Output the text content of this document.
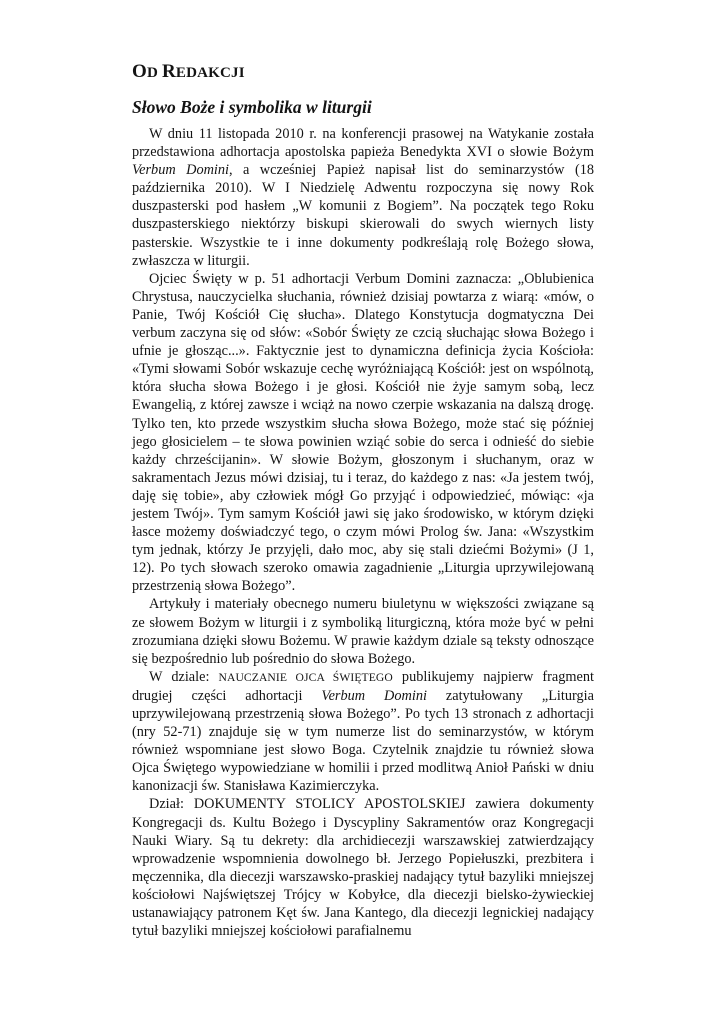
OD REDAKCJI
Słowo Boże i symbolika w liturgii

W dniu 11 listopada 2010 r. na konferencji prasowej na Watykanie została przedstawiona adhortacja apostolska papieża Benedykta XVI o słowie Bożym Verbum Domini, a wcześniej Papież napisał list do seminarzystów (18 października 2010). W I Niedzielę Adwentu rozpoczyna się nowy Rok duszpasterski pod hasłem „W komunii z Bogiem”. Na początek tego Roku duszpasterskiego niektórzy biskupi skierowali do swych wiernych listy pasterskie. Wszystkie te i inne dokumenty podkreślają rolę Bożego słowa, zwłaszcza w liturgii.

Ojciec Święty w p. 51 adhortacji Verbum Domini zaznacza: „Oblubienica Chrystusa, nauczycielka słuchania, również dzisiaj powtarza z wiarą: «mów, o Panie, Twój Kościół Cię słucha». Dlatego Konstytucja dogmatyczna Dei verbum zaczyna się od słów: «Sobór Święty ze czcią słuchając słowa Bożego i ufnie je głosząc...». Faktycznie jest to dynamiczna definicja życia Kościoła: «Tymi słowami Sobór wskazuje cechę wyróżniającą Kościół: jest on wspólnotą, która słucha słowa Bożego i je głosi. Kościół nie żyje samym sobą, lecz Ewangelią, z której zawsze i wciąż na nowo czerpie wskazania na dalszą drogę. Tylko ten, kto przede wszystkim słucha słowa Bożego, może stać się później jego głosicielem – te słowa powinien wziąć sobie do serca i odnieść do siebie każdy chrześcijanin». W słowie Bożym, głoszonym i słuchanym, oraz w sakramentach Jezus mówi dzisiaj, tu i teraz, do każdego z nas: «Ja jestem twój, daję się tobie», aby człowiek mógł Go przyjąć i odpowiedzieć, mówiąc: «ja jestem Twój». Tym samym Kościół jawi się jako środowisko, w którym dzięki łasce możemy doświadczyć tego, o czym mówi Prolog św. Jana: «Wszystkim tym jednak, którzy Je przyjęli, dało moc, aby się stali dziećmi Bożymi» (J 1, 12). Po tych słowach szeroko omawia zagadnienie „Liturgia uprzywilejowaną przestrzenią słowa Bożego”.

Artykuły i materiały obecnego numeru biuletynu w większości związane są ze słowem Bożym w liturgii i z symboliką liturgiczną, która może być w pełni zrozumiana dzięki słowu Bożemu. W prawie każdym dziale są teksty odnoszące się bezpośrednio lub pośrednio do słowa Bożego.

W dziale: NAUCZANIE OJCA ŚWIĘTEGO publikujemy najpierw fragment drugiej części adhortacji Verbum Domini zatytułowany „Liturgia uprzywilejowaną przestrzenią słowa Bożego”. Po tych 13 stronach z adhortacji (nry 52-71) znajduje się w tym numerze list do seminarzystów, w którym również wspomniane jest słowo Boga. Czytelnik znajdzie tu również słowa Ojca Świętego wypowiedziane w homilii i przed modlitwą Anioł Pański w dniu kanonizacji św. Stanisława Kazimierczyka.

Dział: DOKUMENTY STOLICY APOSTOLSKIEJ zawiera dokumenty Kongregacji ds. Kultu Bożego i Dyscypliny Sakramentów oraz Kongregacji Nauki Wiary. Są tu dekrety: dla archidiecezji warszawskiej zatwierdzający wprowadzenie wspomnienia dowolnego bł. Jerzego Popiełuszki, prezbitera i męczennika, dla diecezji warszawsko-praskiej nadający tytuł bazyliki mniejszej kościołowi Najświętszej Trójcy w Kobyłce, dla diecezji bielsko-żywieckiej ustanawiający patronem Kęt św. Jana Kantego, dla diecezji legnickiej nadający tytuł bazyliki mniejszej kościołowi parafialnemu
